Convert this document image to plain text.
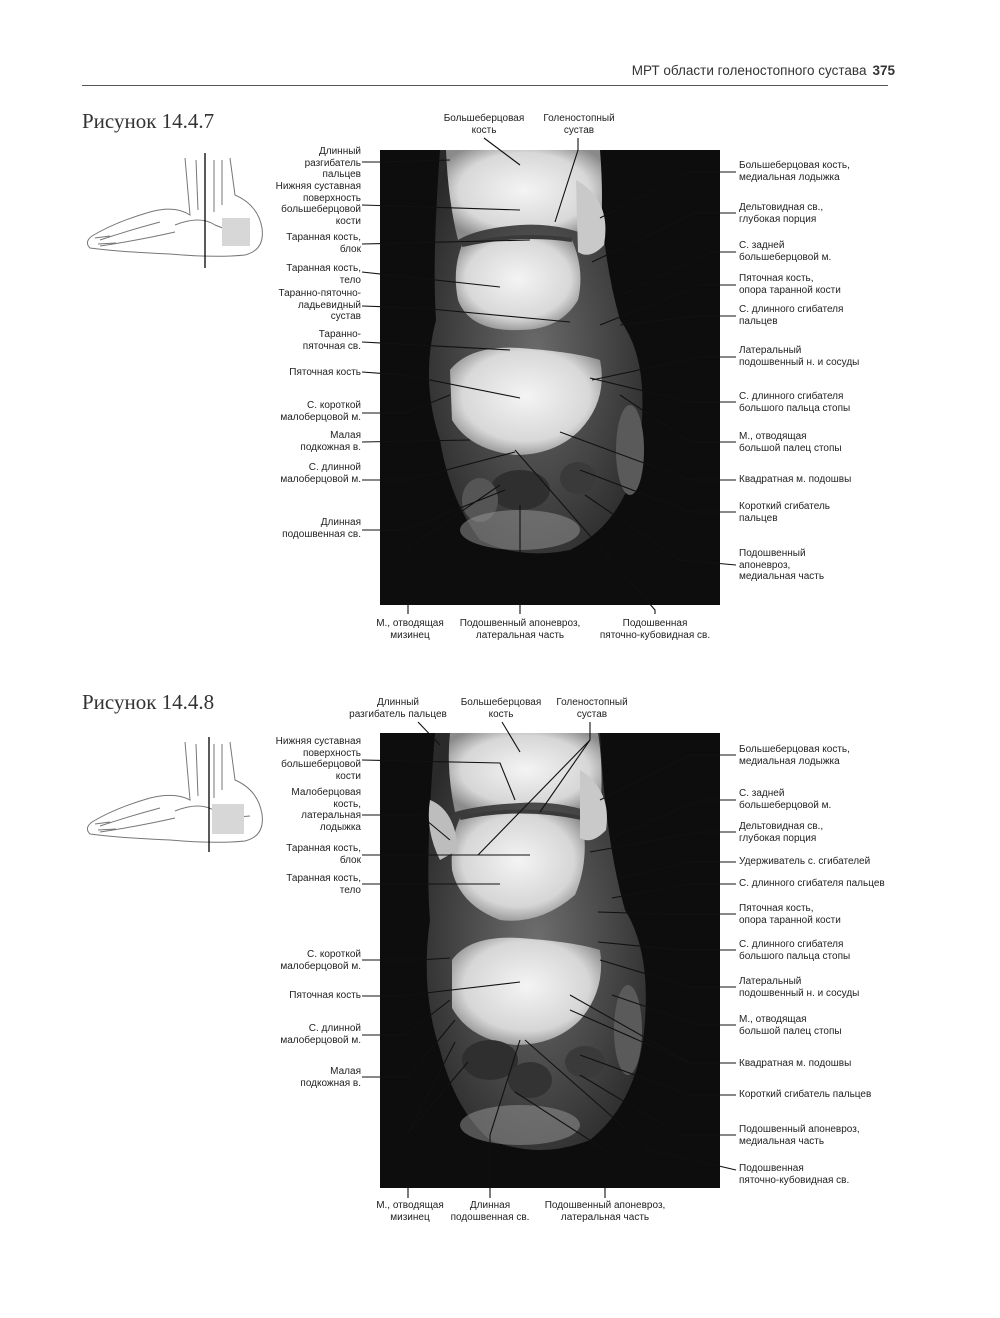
МРТ области голеностопного сустава 375
Рисунок 14.4.7
Длинный
разгибатель
пальцев
Нижняя суставная
поверхность
большеберцовой
кости
Таранная кость,
блок
Таранная кость,
тело
Таранно-пяточно-
ладьевидный
сустав
Таранно-
пяточная св.
Пяточная кость
С. короткой
малоберцовой м.
Малая
подкожная в.
С. длинной
малоберцовой м.
Длинная
подошвенная св.
Большеберцовая
кость
Голеностопный
сустав
Большеберцовая кость,
медиальная лодыжка
Дельтовидная св.,
глубокая порция
С. задней
большеберцовой м.
Пяточная кость,
опора таранной кости
С. длинного сгибателя
пальцев
Латеральный
подошвенный н. и сосуды
С. длинного сгибателя
большого пальца стопы
М., отводящая
большой палец стопы
Квадратная м. подошвы
Короткий сгибатель
пальцев
Подошвенный
апоневроз,
медиальная часть
М., отводящая
мизинец
Подошвенный апоневроз,
латеральная часть
Подошвенная
пяточно-кубовидная св.
Рисунок 14.4.8
Нижняя суставная
поверхность
большеберцовой
кости
Малоберцовая
кость,
латеральная
лодыжка
Таранная кость,
блок
Таранная кость,
тело
С. короткой
малоберцовой м.
Пяточная кость
С. длинной
малоберцовой м.
Малая
подкожная в.
Длинный
разгибатель пальцев
Большеберцовая
кость
Голеностопный
сустав
Большеберцовая кость,
медиальная лодыжка
С. задней
большеберцовой м.
Дельтовидная св.,
глубокая порция
Удерживатель с. сгибателей
С. длинного сгибателя пальцев
Пяточная кость,
опора таранной кости
С. длинного сгибателя
большого пальца стопы
Латеральный
подошвенный н. и сосуды
М., отводящая
большой палец стопы
Квадратная м. подошвы
Короткий сгибатель пальцев
Подошвенный апоневроз,
медиальная часть
Подошвенная
пяточно-кубовидная св.
М., отводящая
мизинец
Длинная
подошвенная св.
Подошвенный апоневроз,
латеральная часть
